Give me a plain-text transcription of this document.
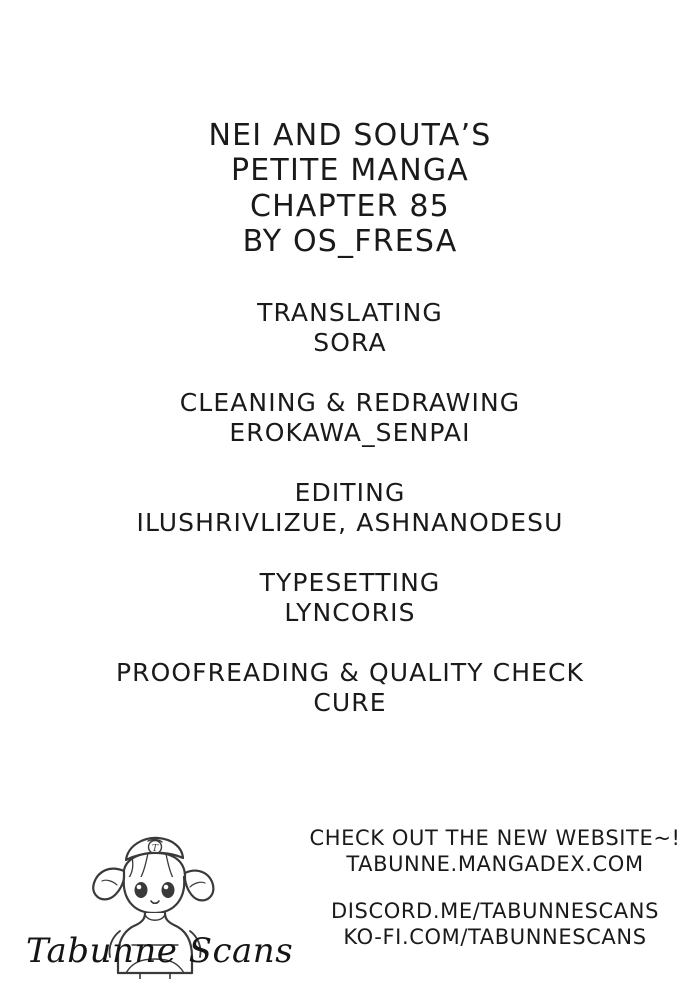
NEI AND SOUTA’S
PETITE MANGA
CHAPTER 85
BY OS_FRESA
TRANSLATING
SORA
CLEANING & REDRAWING
EROKAWA_SENPAI
EDITING
ILUSHRIVLIZUE, ASHNANODESU
TYPESETTING
LYNCORIS
PROOFREADING & QUALITY CHECK
CURE
CHECK OUT THE NEW WEBSITE~!
TABUNNE.MANGADEX.COM
DISCORD.ME/TABUNNESCANS
KO-FI.COM/TABUNNESCANS
T
Tabunne Scans
